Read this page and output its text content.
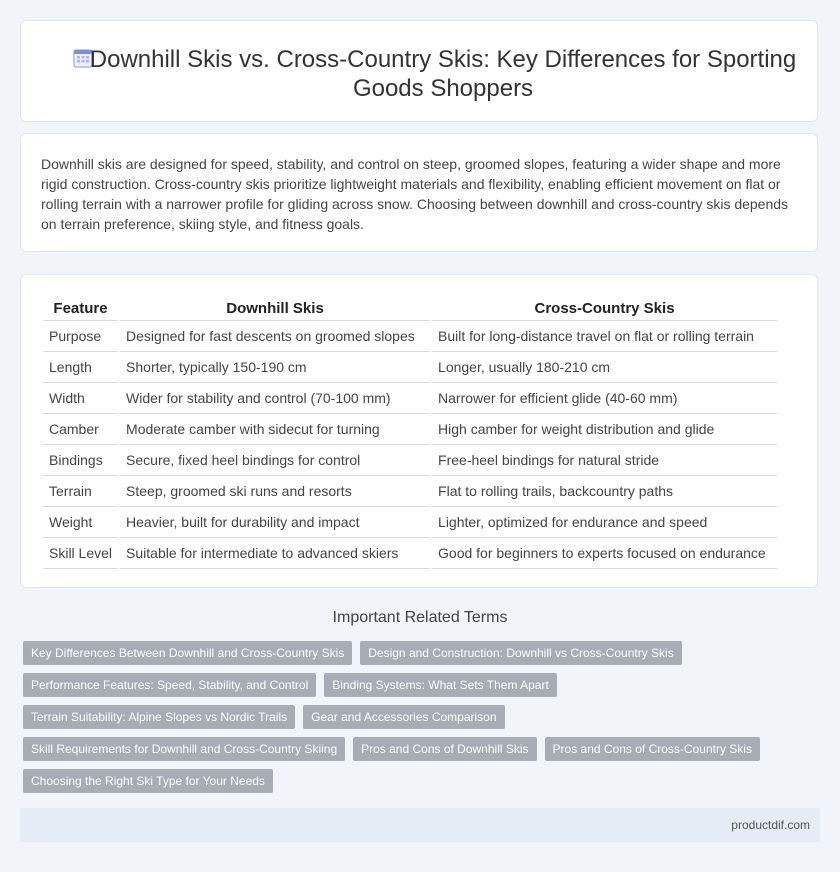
Downhill Skis vs. Cross-Country Skis: Key Differences for Sporting Goods Shoppers

Downhill skis are designed for speed, stability, and control on steep, groomed slopes, featuring a wider shape and more rigid construction. Cross-country skis prioritize lightweight materials and flexibility, enabling efficient movement on flat or rolling terrain with a narrower profile for gliding across snow. Choosing between downhill and cross-country skis depends on terrain preference, skiing style, and fitness goals.

Feature	Downhill Skis	Cross-Country Skis
Purpose	Designed for fast descents on groomed slopes	Built for long-distance travel on flat or rolling terrain
Length	Shorter, typically 150-190 cm	Longer, usually 180-210 cm
Width	Wider for stability and control (70-100 mm)	Narrower for efficient glide (40-60 mm)
Camber	Moderate camber with sidecut for turning	High camber for weight distribution and glide
Bindings	Secure, fixed heel bindings for control	Free-heel bindings for natural stride
Terrain	Steep, groomed ski runs and resorts	Flat to rolling trails, backcountry paths
Weight	Heavier, built for durability and impact	Lighter, optimized for endurance and speed
Skill Level	Suitable for intermediate to advanced skiers	Good for beginners to experts focused on endurance
Important Related Terms
Key Differences Between Downhill and Cross-Country Skis	Design and Construction: Downhill vs Cross-Country Skis
Performance Features: Speed, Stability, and Control	Binding Systems: What Sets Them Apart
Terrain Suitability: Alpine Slopes vs Nordic Trails	Gear and Accessories Comparison
Skill Requirements for Downhill and Cross-Country Skiing	Pros and Cons of Downhill Skis	Pros and Cons of Cross-Country Skis
Choosing the Right Ski Type for Your Needs
productdif.com
